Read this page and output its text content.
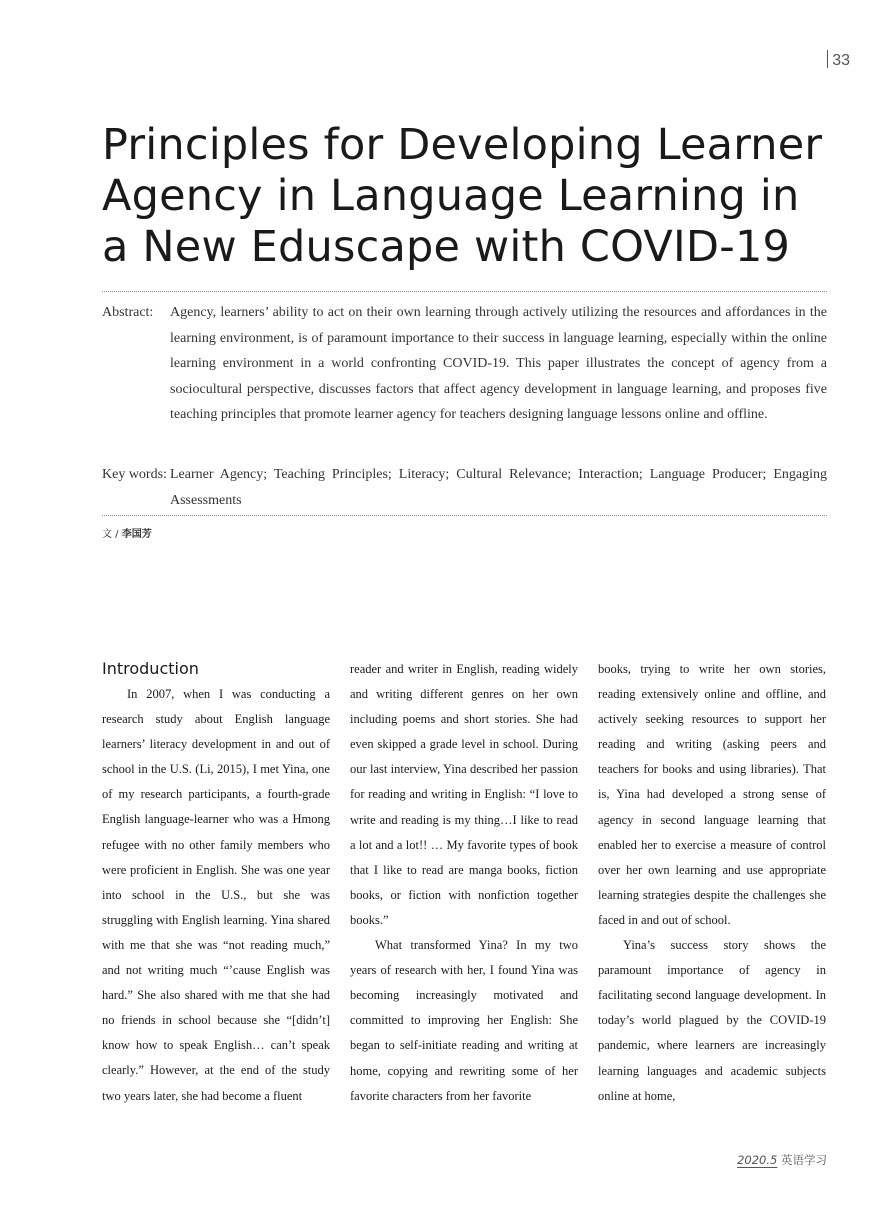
33
Principles for Developing Learner
Agency in Language Learning in
a New Eduscape with COVID-19
Abstract: Agency, learners’ ability to act on their own learning through actively utilizing the resources and affordances in the learning environment, is of paramount importance to their success in language learning, especially within the online learning environment in a world confronting COVID-19. This paper illustrates the concept of agency from a sociocultural perspective, discusses factors that affect agency development in language learning, and proposes five teaching principles that promote learner agency for teachers designing language lessons online and offline.
Key words: Learner Agency; Teaching Principles; Literacy; Cultural Relevance; Interaction; Language Producer; Engaging Assessments
文 / 李国芳
Introduction

In 2007, when I was conducting a research study about English language learners’ literacy development in and out of school in the U.S. (Li, 2015), I met Yina, one of my research participants, a fourth-grade English language-learner who was a Hmong refugee with no other family members who were proficient in English. She was one year into school in the U.S., but she was struggling with English learning. Yina shared with me that she was “not reading much,” and not writing much “’cause English was hard.” She also shared with me that she had no friends in school because she “[didn’t] know how to speak English… can’t speak clearly.” However, at the end of the study two years later, she had become a fluent

reader and writer in English, reading widely and writing different genres on her own including poems and short stories. She had even skipped a grade level in school. During our last interview, Yina described her passion for reading and writing in English: “I love to write and reading is my thing…I like to read a lot and a lot!! … My favorite types of book that I like to read are manga books, fiction books, or fiction with nonfiction together books.”

What transformed Yina? In my two years of research with her, I found Yina was becoming increasingly motivated and committed to improving her English: She began to self-initiate reading and writing at home, copying and rewriting some of her favorite characters from her favorite

books, trying to write her own stories, reading extensively online and offline, and actively seeking resources to support her reading and writing (asking peers and teachers for books and using libraries). That is, Yina had developed a strong sense of agency in second language learning that enabled her to exercise a measure of control over her own learning and use appropriate learning strategies despite the challenges she faced in and out of school.

Yina’s success story shows the paramount importance of agency in facilitating second language development. In today’s world plagued by the COVID-19 pandemic, where learners are increasingly learning languages and academic subjects online at home,

2020.5 英语学习
